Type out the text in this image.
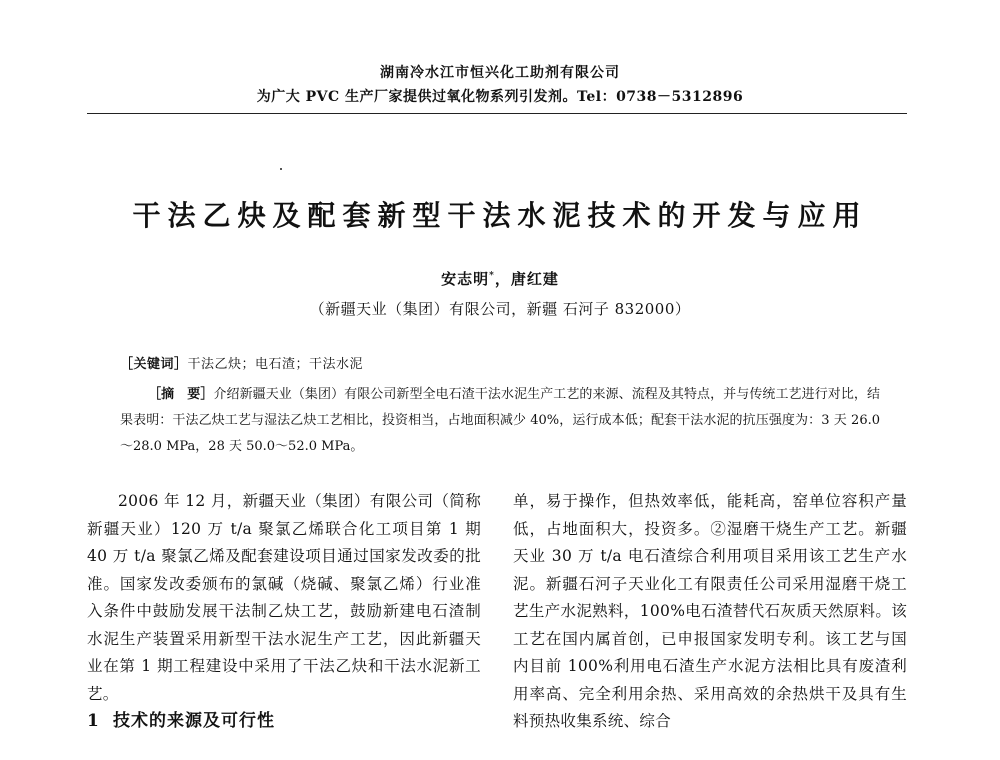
湖南冷水江市恒兴化工助剂有限公司
为广大 PVC 生产厂家提供过氧化物系列引发剂。Tel：0738－5312896
干法乙炔及配套新型干法水泥技术的开发与应用
安志明*，唐红建
（新疆天业（集团）有限公司，新疆 石河子 832000）
［关键词］干法乙炔；电石渣；干法水泥
［摘　要］介绍新疆天业（集团）有限公司新型全电石渣干法水泥生产工艺的来源、流程及其特点，并与传统工艺进行对比，结果表明：干法乙炔工艺与湿法乙炔工艺相比，投资相当，占地面积减少 40%，运行成本低；配套干法水泥的抗压强度为：3 天 26.0～28.0 MPa，28 天 50.0～52.0 MPa。

2006 年 12 月，新疆天业（集团）有限公司（简称新疆天业）120 万 t/a 聚氯乙烯联合化工项目第 1 期 40 万 t/a 聚氯乙烯及配套建设项目通过国家发改委的批准。国家发改委颁布的氯碱（烧碱、聚氯乙烯）行业准入条件中鼓励发展干法制乙炔工艺，鼓励新建电石渣制水泥生产装置采用新型干法水泥生产工艺，因此新疆天业在第 1 期工程建设中采用了干法乙炔和干法水泥新工艺。

1 技术的来源及可行性

单，易于操作，但热效率低，能耗高，窑单位容积产量低，占地面积大，投资多。②湿磨干烧生产工艺。新疆天业 30 万 t/a 电石渣综合利用项目采用该工艺生产水泥。新疆石河子天业化工有限责任公司采用湿磨干烧工艺生产水泥熟料，100%电石渣替代石灰质天然原料。该工艺在国内属首创，已申报国家发明专利。该工艺与国内目前 100%利用电石渣生产水泥方法相比具有废渣利用率高、完全利用余热、采用高效的余热烘干及具有生料预热收集系统、综合
